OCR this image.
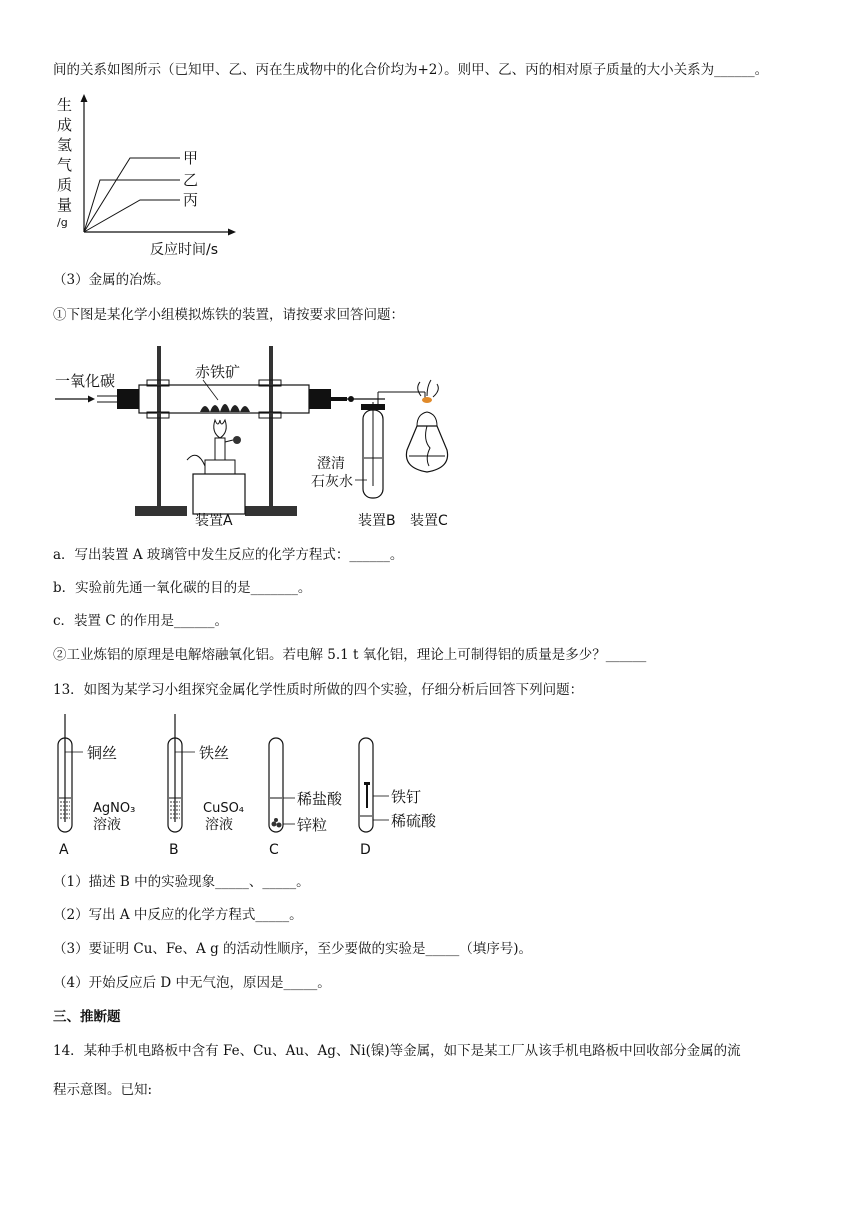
间的关系如图所示（已知甲、乙、丙在生成物中的化合价均为+2）。则甲、乙、丙的相对原子质量的大小关系为______。
生
成
氢
气
质
量
/g
甲
乙
丙
反应时间/s
（3）金属的冶炼。
①下图是某化学小组模拟炼铁的装置，请按要求回答问题：
一氧化碳	赤铁矿
澄清
石灰水
装置A	装置B 装置C
a．写出装置 A 玻璃管中发生反应的化学方程式：______。
b．实验前先通一氧化碳的目的是_______。
c．装置 C 的作用是______。
②工业炼铝的原理是电解熔融氧化铝。若电解 5.1 t 氧化铝，理论上可制得铝的质量是多少？______
13．如图为某学习小组探究金属化学性质时所做的四个实验，仔细分析后回答下列问题：
铜丝
AgNO₃
溶液
A
铁丝
CuSO₄
溶液
B
稀盐酸
锌粒
C
铁钉
稀硫酸
D
（1）描述 B 中的实验现象_____、_____。
（2）写出 A 中反应的化学方程式_____。
（3）要证明 Cu、Fe、A g 的活动性顺序，至少要做的实验是_____（填序号)。
（4）开始反应后 D 中无气泡，原因是_____。
三、推断题
14．某种手机电路板中含有 Fe、Cu、Au、Ag、Ni(镍)等金属，如下是某工厂从该手机电路板中回收部分金属的流
程示意图。已知:
